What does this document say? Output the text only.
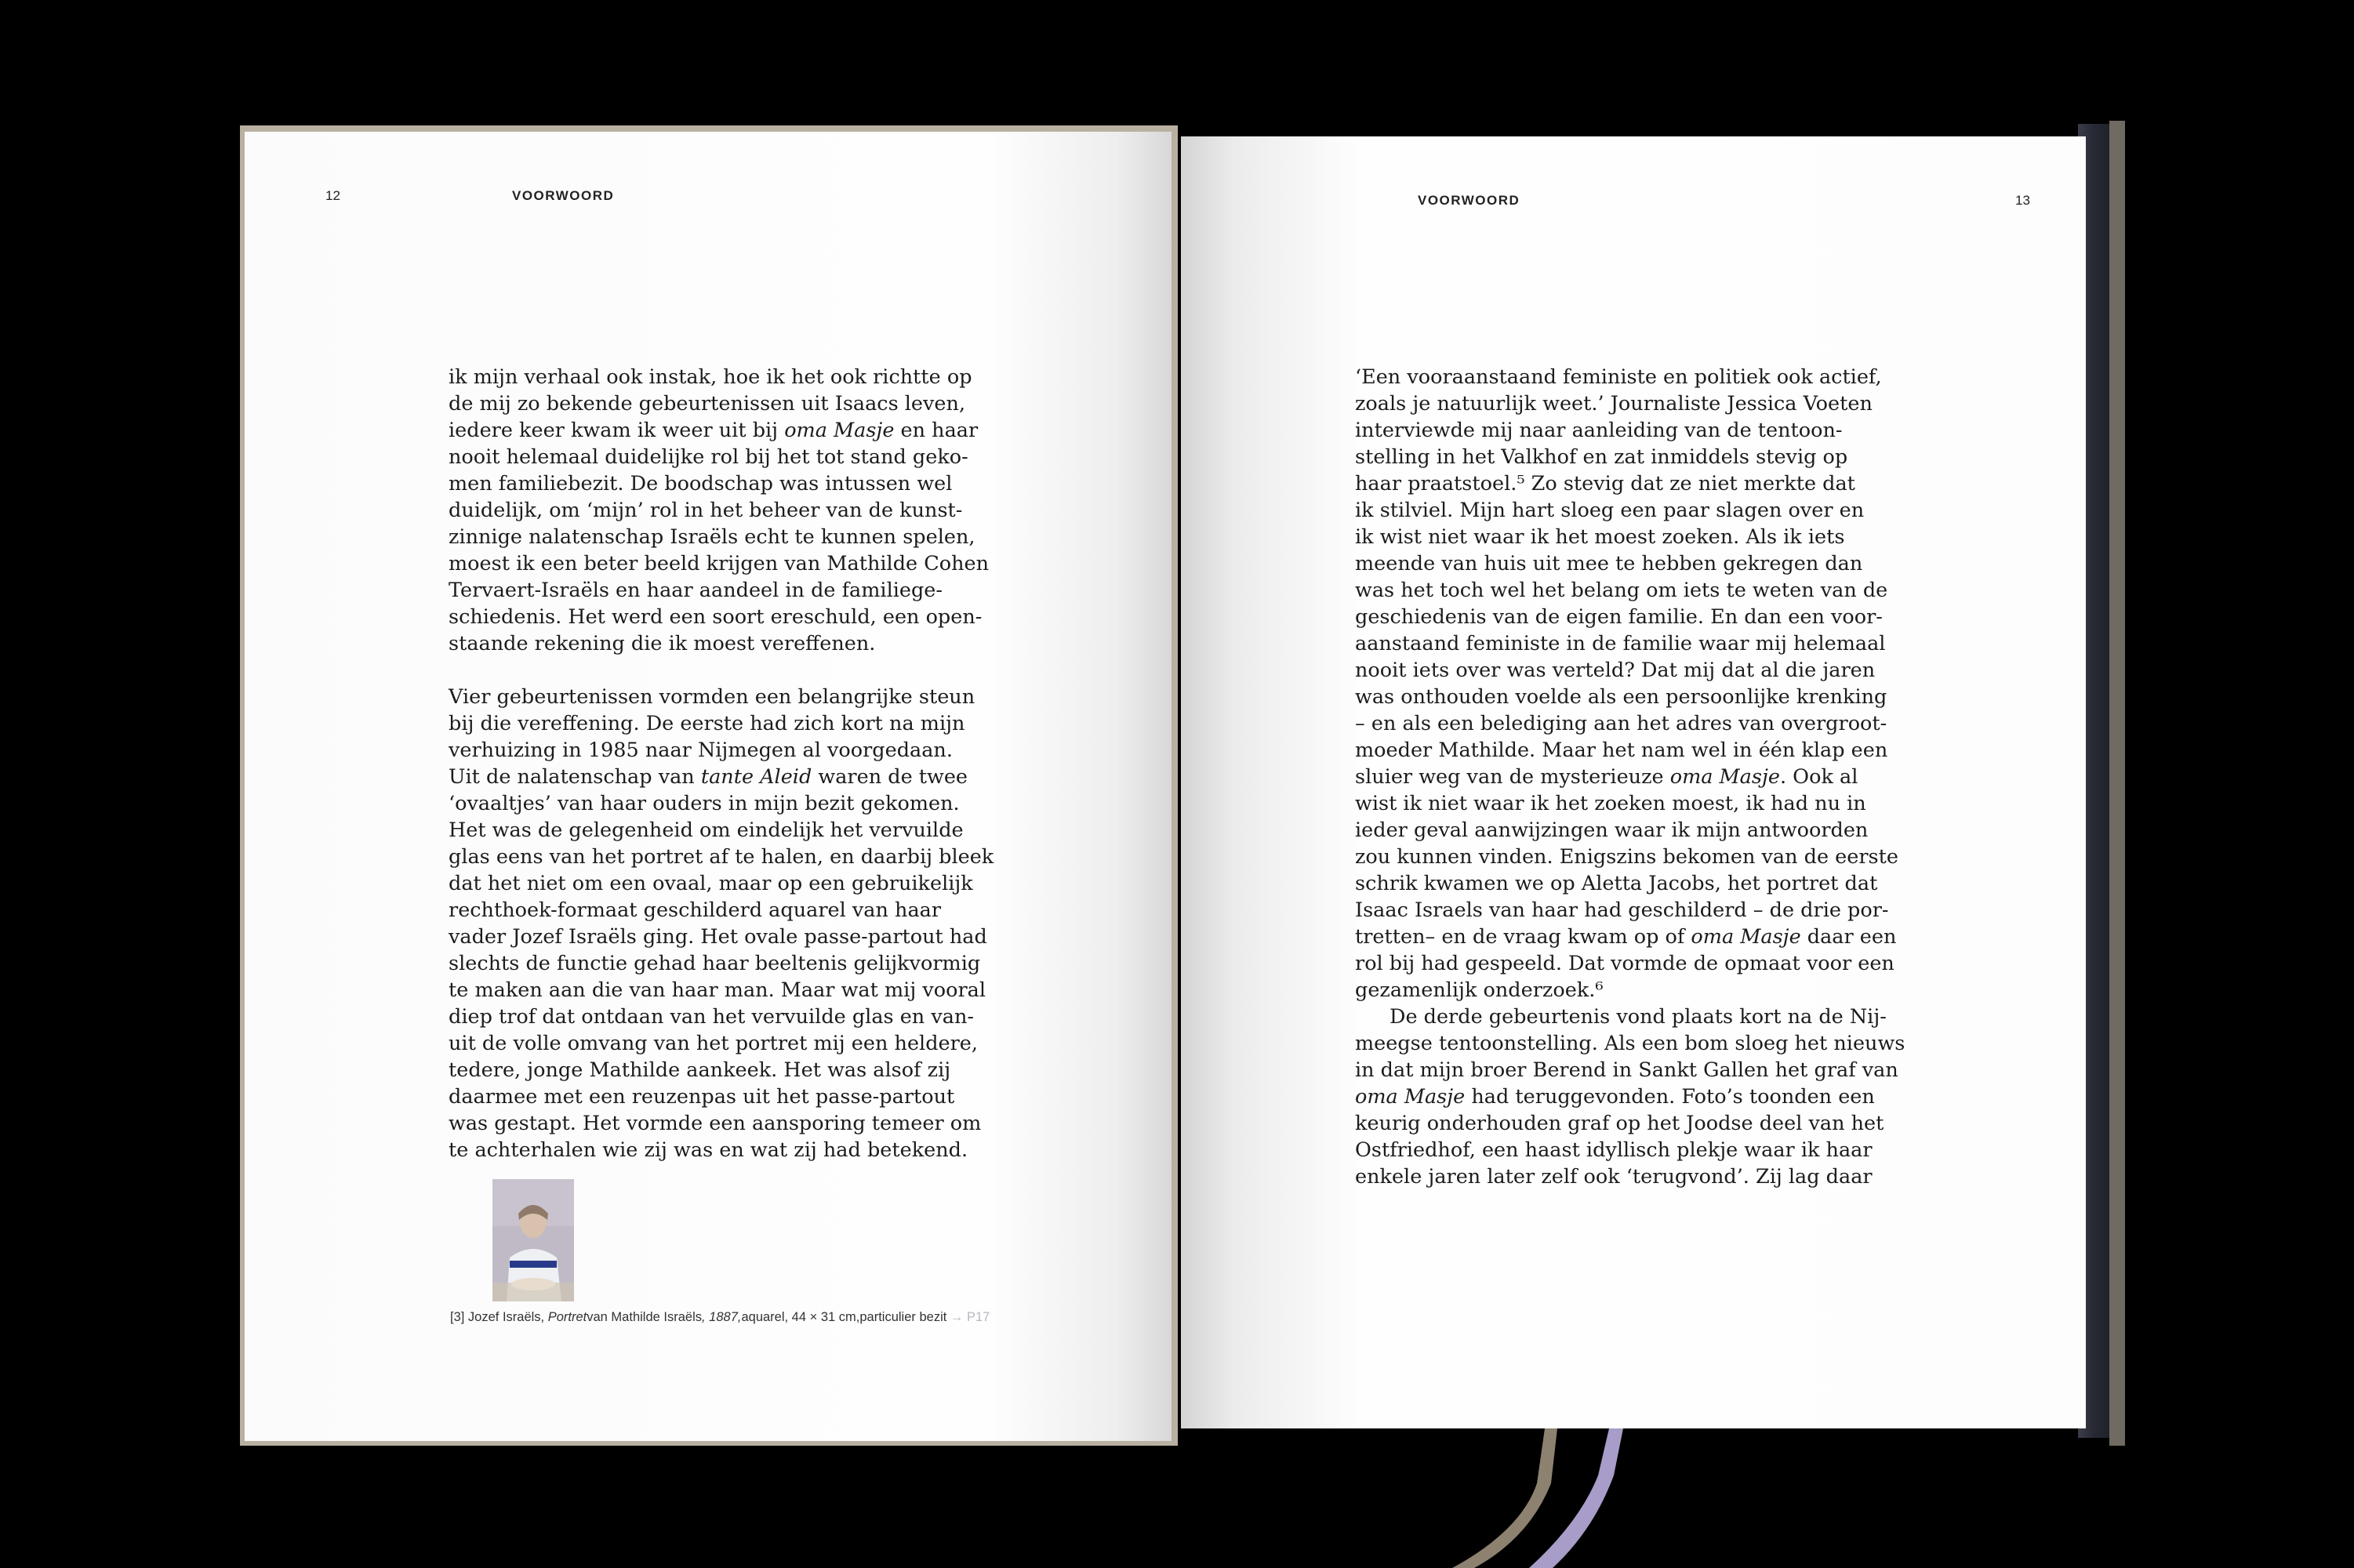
12	VOORWOORD

ik mijn verhaal ook instak, hoe ik het ook richtte op
de mij zo bekende gebeurtenissen uit Isaacs leven,
iedere keer kwam ik weer uit bij oma Masje en haar
nooit helemaal duidelijke rol bij het tot stand geko-
men familiebezit. De boodschap was intussen wel
duidelijk, om ‘mijn’ rol in het beheer van de kunst-
zinnige nalatenschap Israëls echt te kunnen spelen,
moest ik een beter beeld krijgen van Mathilde Cohen
Tervaert-Israëls en haar aandeel in de familiege-
schiedenis. Het werd een soort ereschuld, een open-
staande rekening die ik moest vereffenen.

Vier gebeurtenissen vormden een belangrijke steun
bij die vereffening. De eerste had zich kort na mijn
verhuizing in 1985 naar Nijmegen al voorgedaan.
Uit de nalatenschap van tante Aleid waren de twee
‘ovaaltjes’ van haar ouders in mijn bezit gekomen.
Het was de gelegenheid om eindelijk het vervuilde
glas eens van het portret af te halen, en daarbij bleek
dat het niet om een ovaal, maar op een gebruikelijk
rechthoek-formaat geschilderd aquarel van haar
vader Jozef Israëls ging. Het ovale passe-partout had
slechts de functie gehad haar beeltenis gelijkvormig
te maken aan die van haar man. Maar wat mij vooral
diep trof dat ontdaan van het vervuilde glas en van-
uit de volle omvang van het portret mij een heldere,
tedere, jonge Mathilde aankeek. Het was alsof zij
daarmee met een reuzenpas uit het passe-partout
was gestapt. Het vormde een aansporing temeer om
te achterhalen wie zij was en wat zij had betekend.

[3] Jozef Israëls, Portretvan Mathilde Israëls, 1887,aquarel, 44 × 31 cm,particulier bezit → P17
VOORWOORD	13

‘Een vooraanstaand feministe en politiek ook actief,
zoals je natuurlijk weet.’ Journaliste Jessica Voeten
interviewde mij naar aanleiding van de tentoon-
stelling in het Valkhof en zat inmiddels stevig op
haar praatstoel.⁵ Zo stevig dat ze niet merkte dat
ik stilviel. Mijn hart sloeg een paar slagen over en
ik wist niet waar ik het moest zoeken. Als ik iets
meende van huis uit mee te hebben gekregen dan
was het toch wel het belang om iets te weten van de
geschiedenis van de eigen familie. En dan een voor-
aanstaand feministe in de familie waar mij helemaal
nooit iets over was verteld? Dat mij dat al die jaren
was onthouden voelde als een persoonlijke krenking
– en als een belediging aan het adres van overgroot-
moeder Mathilde. Maar het nam wel in één klap een
sluier weg van de mysterieuze oma Masje. Ook al
wist ik niet waar ik het zoeken moest, ik had nu in
ieder geval aanwijzingen waar ik mijn antwoorden
zou kunnen vinden. Enigszins bekomen van de eerste
schrik kwamen we op Aletta Jacobs, het portret dat
Isaac Israels van haar had geschilderd – de drie por-
tretten– en de vraag kwam op of oma Masje daar een
rol bij had gespeeld. Dat vormde de opmaat voor een
gezamenlijk onderzoek.⁶

De derde gebeurtenis vond plaats kort na de Nij-
meegse tentoonstelling. Als een bom sloeg het nieuws
in dat mijn broer Berend in Sankt Gallen het graf van
oma Masje had teruggevonden. Foto’s toonden een
keurig onderhouden graf op het Joodse deel van het
Ostfriedhof, een haast idyllisch plekje waar ik haar
enkele jaren later zelf ook ‘terugvond’. Zij lag daar
